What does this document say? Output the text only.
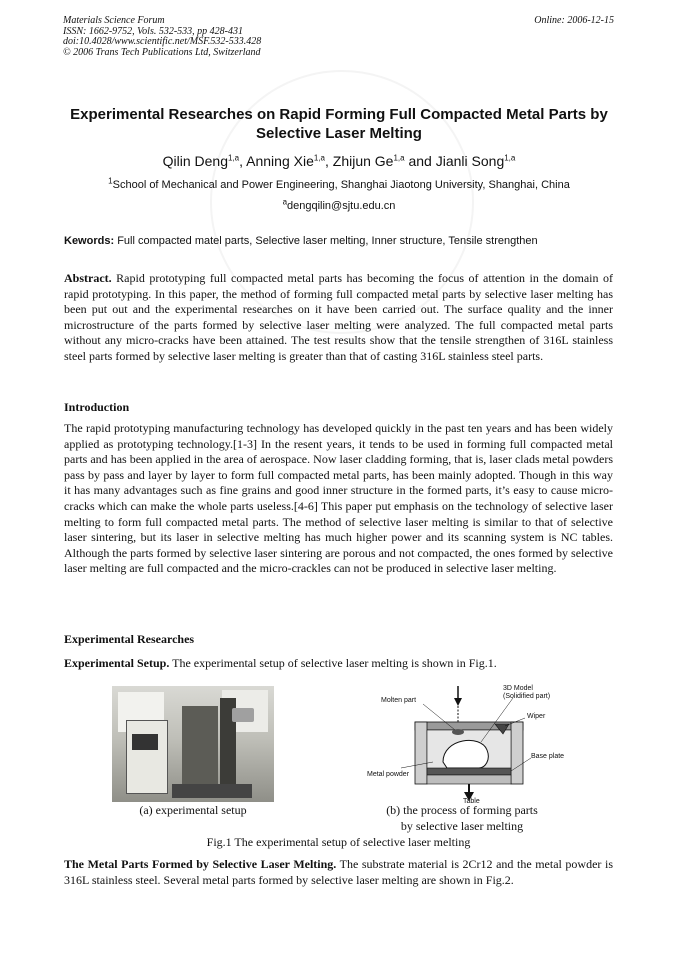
Materials Science Forum
ISSN: 1662-9752, Vols. 532-533, pp 428-431
doi:10.4028/www.scientific.net/MSF.532-533.428
© 2006 Trans Tech Publications Ltd, Switzerland
Online: 2006-12-15
Experimental Researches on Rapid Forming Full Compacted Metal Parts by Selective Laser Melting
Qilin Deng$^{1,a}$, Anning Xie$^{1,a}$, Zhijun Ge$^{1,a}$ and Jianli Song$^{1,a}$
$^1$School of Mechanical and Power Engineering, Shanghai Jiaotong University, Shanghai, China
$^a$dengqilin@sjtu.edu.cn
Kewords: Full compacted matel parts, Selective laser melting, Inner structure, Tensile strengthen
Abstract. Rapid prototyping full compacted metal parts has becoming the focus of attention in the domain of rapid prototyping. In this paper, the method of forming full compacted metal parts by selective laser melting has been put out and the experimental researches on it have been carried out. The surface quality and the inner microstructure of the parts formed by selective laser melting were analyzed. The full compacted metal parts without any micro-cracks have been attained. The test results show that the tensile strengthen of 316L stainless steel parts formed by selective laser melting is greater than that of casting 316L stainless steel parts.
Introduction
The rapid prototyping manufacturing technology has developed quickly in the past ten years and has been widely applied as prototyping technology.[1-3] In the resent years, it tends to be used in forming full compacted metal parts and has been applied in the area of aerospace. Now laser cladding forming, that is, laser clads metal powders pass by pass and layer by layer to form full compacted metal parts, has been mainly adopted. Though in this way it has many advantages such as fine grains and good inner structure in the formed parts, it’s easy to cause micro-cracks which can make the whole parts useless.[4-6] This paper put emphasis on the technology of selective laser melting to form full compacted metal parts. The method of selective laser melting is similar to that of selective laser sintering, but its laser in selective melting has much higher power and its scanning system is NC tables. Although the parts formed by selective laser sintering are porous and not compacted, the ones formed by selective laser melting are full compacted and the micro-crackles can not be produced in selective laser melting.
Experimental Researches
Experimental Setup. The experimental setup of selective laser melting is shown in Fig.1.
3D Model
(Solidified part)
Molten part
Wiper
Base plate
Metal powder
Table
(a) experimental setup	(b) the process of forming parts
by selective laser melting
Fig.1 The experimental setup of selective laser melting
The Metal Parts Formed by Selective Laser Melting. The substrate material is 2Cr12 and the metal powder is 316L stainless steel. Several metal parts formed by selective laser melting are shown in Fig.2.
